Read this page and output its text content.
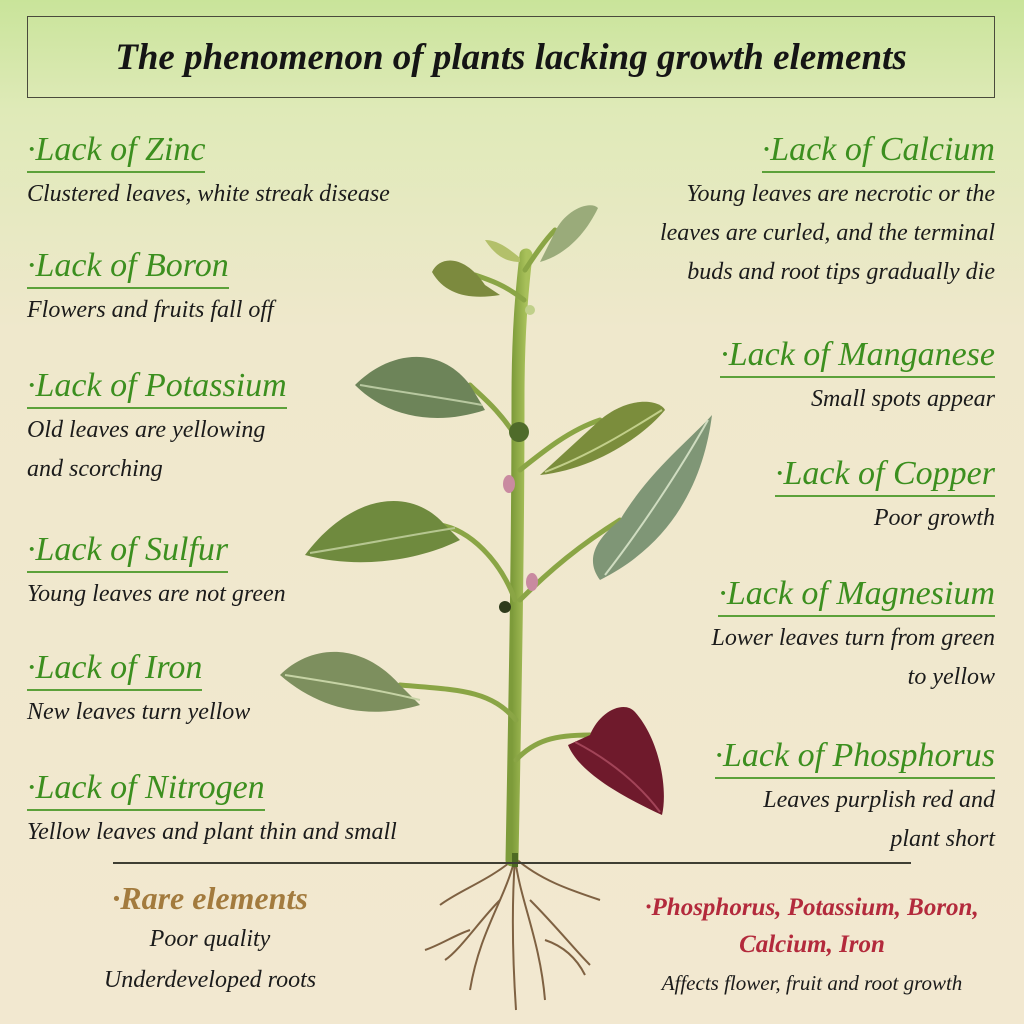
The phenomenon of plants lacking growth elements
·Lack of Zinc
Clustered leaves, white streak disease
·Lack of Boron
Flowers and fruits fall off
·Lack of Potassium
Old leaves are yellowing
and scorching
·Lack of Sulfur
Young leaves are not green
·Lack of Iron
New leaves turn yellow
·Lack of Nitrogen
Yellow leaves and plant thin and small
·Lack of Calcium
Young leaves are necrotic or the
leaves are curled, and the terminal
buds and root tips gradually die
·Lack of Manganese
Small spots appear
·Lack of Copper
Poor growth
·Lack of Magnesium
Lower leaves turn from green
to yellow
·Lack of Phosphorus
Leaves purplish red and
plant short
·Rare elements
Poor quality
Underdeveloped roots
·Phosphorus, Potassium, Boron,
Calcium, Iron
Affects flower, fruit and root growth
